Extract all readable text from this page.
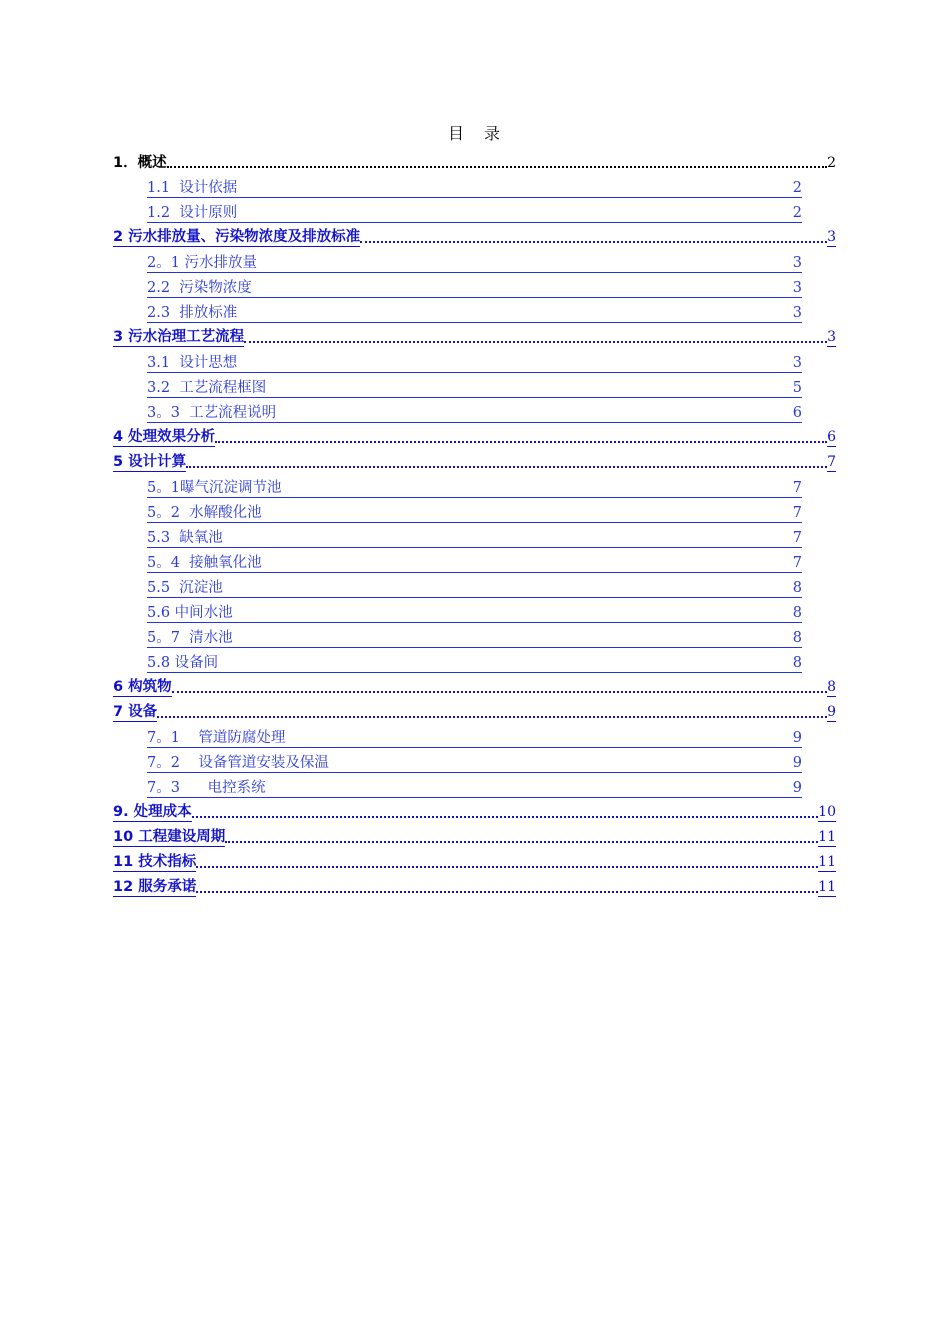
目　录
1．概述	2
1.1  设计依据	2
1.2  设计原则	2
2 污水排放量、污染物浓度及排放标准	3
2。1 污水排放量	3
2.2  污染物浓度	3
2.3  排放标准	3
3 污水治理工艺流程	3
3.1  设计思想	3
3.2  工艺流程框图	5
3。3  工艺流程说明	6
4 处理效果分析	6
5 设计计算	7
5。1曝气沉淀调节池	7
5。2  水解酸化池	7
5.3  缺氧池	7
5。4  接触氧化池	7
5.5  沉淀池	8
5.6 中间水池	8
5。7  清水池	8
5.8 设备间	8
6 构筑物	8
7 设备	9
7。1    管道防腐处理	9
7。2    设备管道安装及保温	9
7。3      电控系统	9
9. 处理成本	10
10 工程建设周期	11
11 技术指标	11
12 服务承诺	11
